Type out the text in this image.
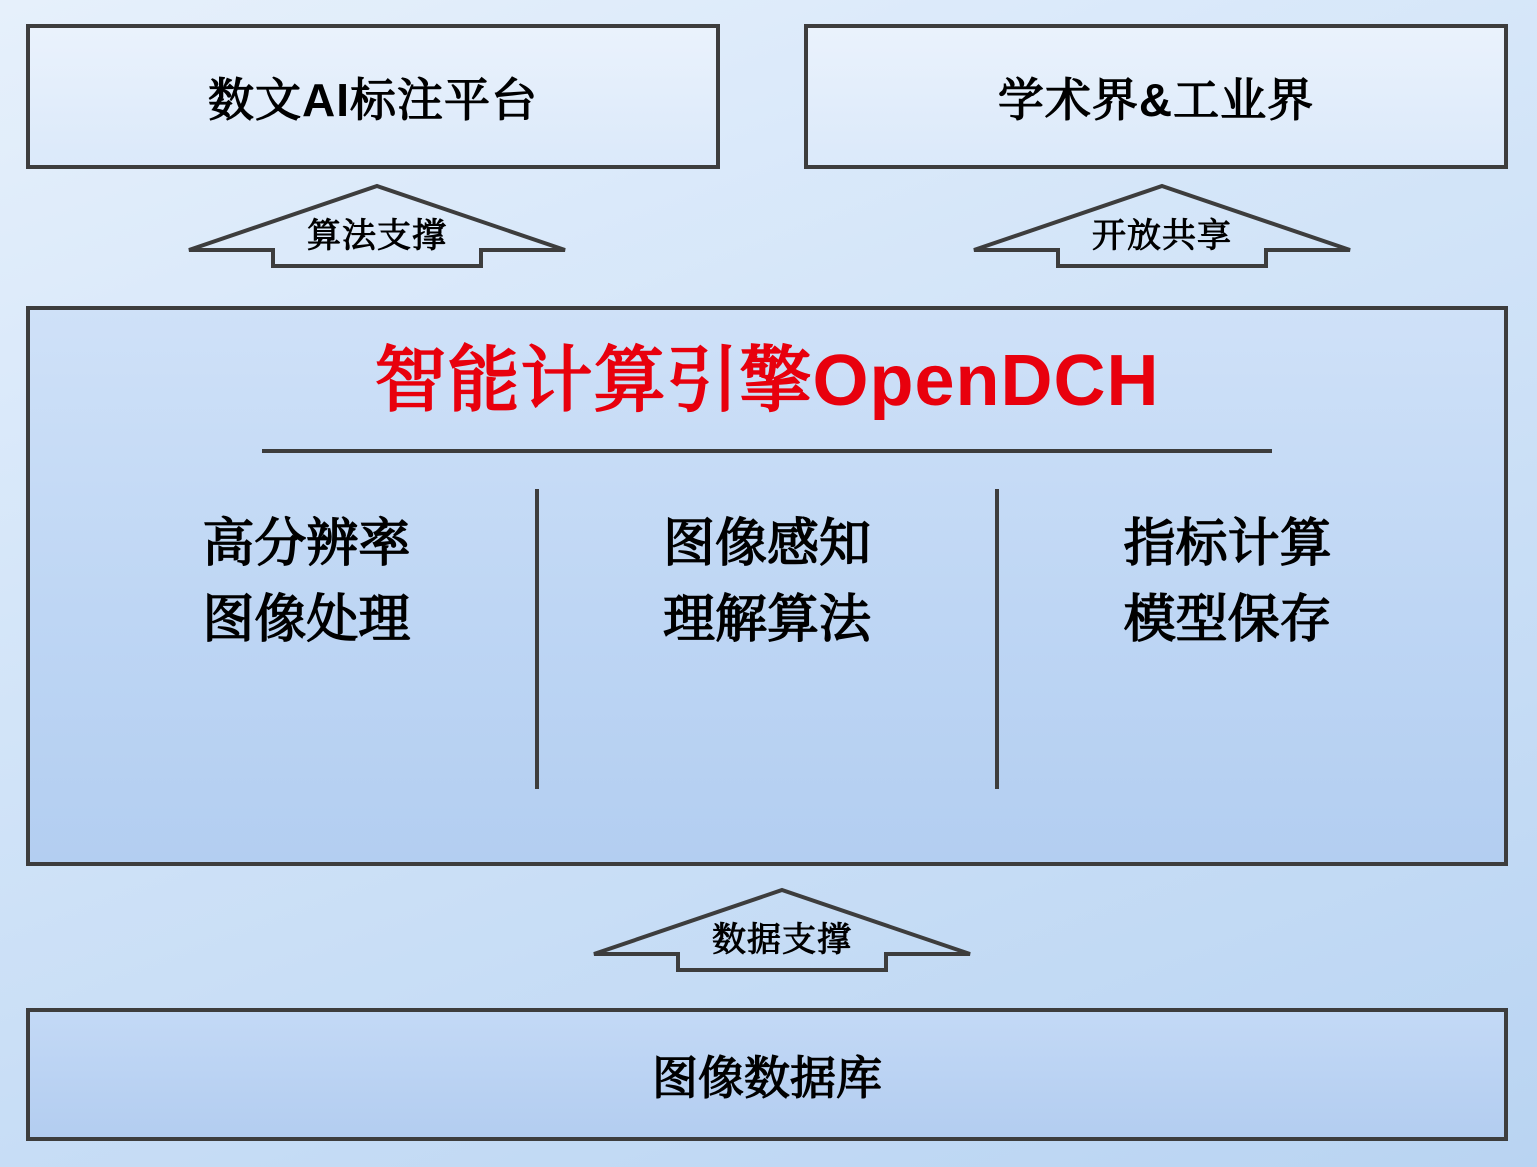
数文AI标注平台	学术界&工业界
算法支撑	开放共享
智能计算引擎OpenDCH
高分辨率
图像处理
图像感知
理解算法
指标计算
模型保存
数据支撑
图像数据库
